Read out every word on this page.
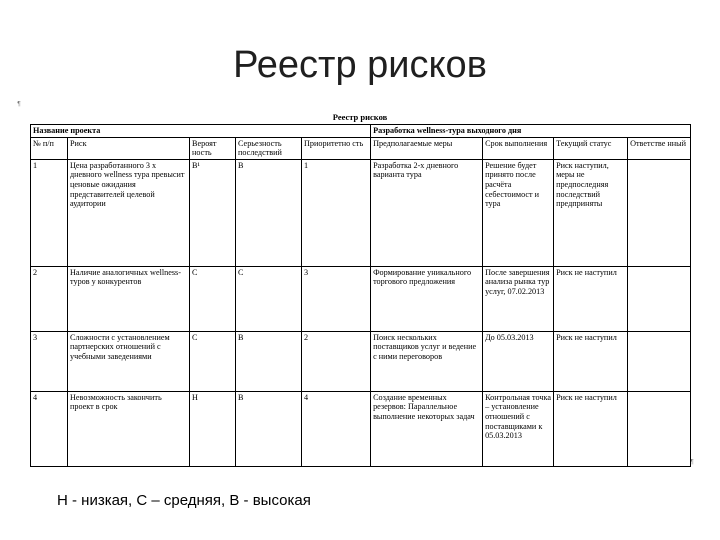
Реестр рисков
¶
¶
Реестр рисков
Название проекта					Разработка wellness-тура выходного дня			
№ п/п	Риск	Вероят ность	Серьезность последствий	Приоритетно сть	Предполагаемые меры	Срок выполнения	Текущий статус	Ответстве нный
1	Цена разработанного 3 х дневного wellness тура превысит ценовые ожидания представителей целевой аудитории	В¹	В	1	Разработка 2-х дневного варианта тура	Решение будет принято после расчёта себестоимост и тура	Риск наступил, меры не предпоследняя последствий предприняты	
2	Наличие аналогичных wellness-туров у конкурентов	С	С	3	Формирование уникального торгового предложения	После завершения анализа рынка тур услуг, 07.02.2013	Риск не наступил	
3	Сложности с установлением партнерских отношений с учебными заведениями	С	В	2	Поиск нескольких поставщиков услуг и ведение с ними переговоров	До 05.03.2013	Риск не наступил	
4	Невозможность закончить проект в срок	Н	В	4	Создание временных резервов: Параллельное выполнение некоторых задач	Контрольная точка – установление отношений с поставщиками к 05.03.2013	Риск не наступил	
Н - низкая, С – средняя, В - высокая
